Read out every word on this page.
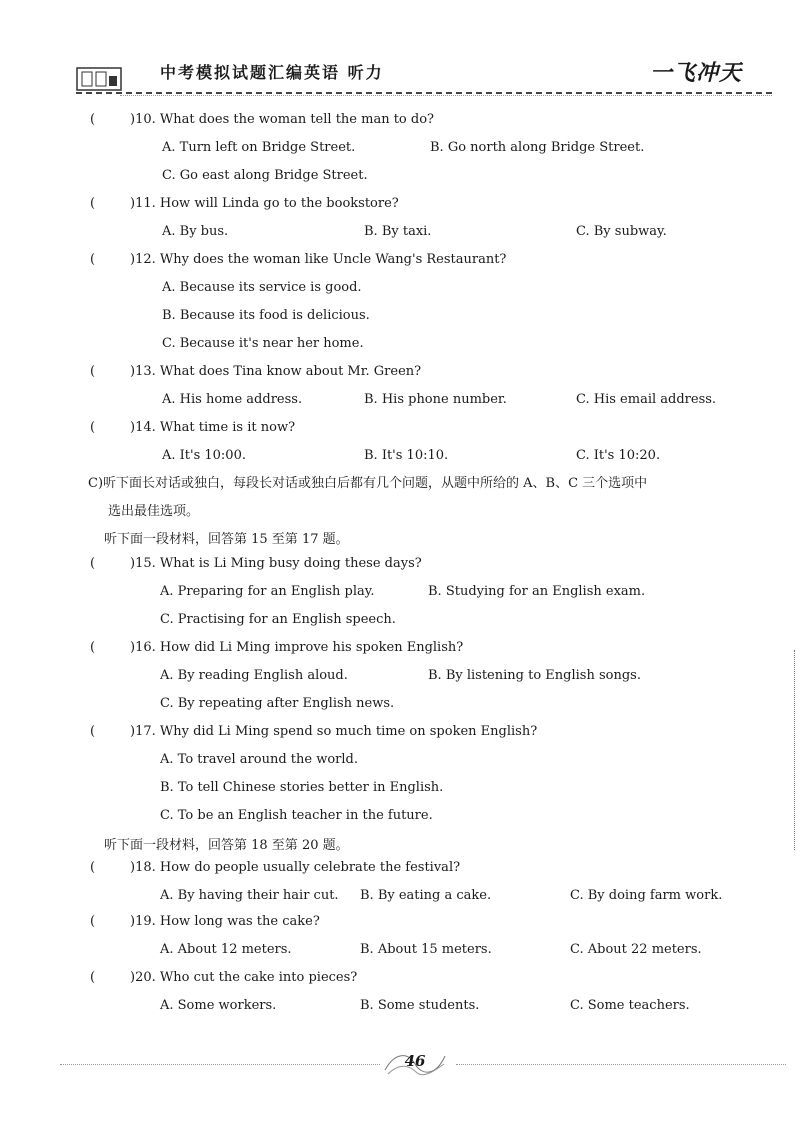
中考模拟试题汇编英语 听力	一飞冲天
(	)10. What does the woman tell the man to do?
A. Turn left on Bridge Street.	B. Go north along Bridge Street.
C. Go east along Bridge Street.
(	)11. How will Linda go to the bookstore?
A. By bus.	B. By taxi.	C. By subway.
(	)12. Why does the woman like Uncle Wang's Restaurant?
A. Because its service is good.
B. Because its food is delicious.
C. Because it's near her home.
(	)13. What does Tina know about Mr. Green?
A. His home address.	B. His phone number.	C. His email address.
(	)14. What time is it now?
A. It's 10:00.	B. It's 10:10.	C. It's 10:20.
C)听下面长对话或独白，每段长对话或独白后都有几个问题，从题中所给的 A、B、C 三个选项中
选出最佳选项。
听下面一段材料，回答第 15 至第 17 题。
(	)15. What is Li Ming busy doing these days?
A. Preparing for an English play.	B. Studying for an English exam.
C. Practising for an English speech.
(	)16. How did Li Ming improve his spoken English?
A. By reading English aloud.	B. By listening to English songs.
C. By repeating after English news.
(	)17. Why did Li Ming spend so much time on spoken English?
A. To travel around the world.
B. To tell Chinese stories better in English.
C. To be an English teacher in the future.
听下面一段材料，回答第 18 至第 20 题。
(	)18. How do people usually celebrate the festival?
A. By having their hair cut. B. By eating a cake.	C. By doing farm work.
(	)19. How long was the cake?
A. About 12 meters.	B. About 15 meters.	C. About 22 meters.
(	)20. Who cut the cake into pieces?
A. Some workers.	B. Some students.	C. Some teachers.
46
